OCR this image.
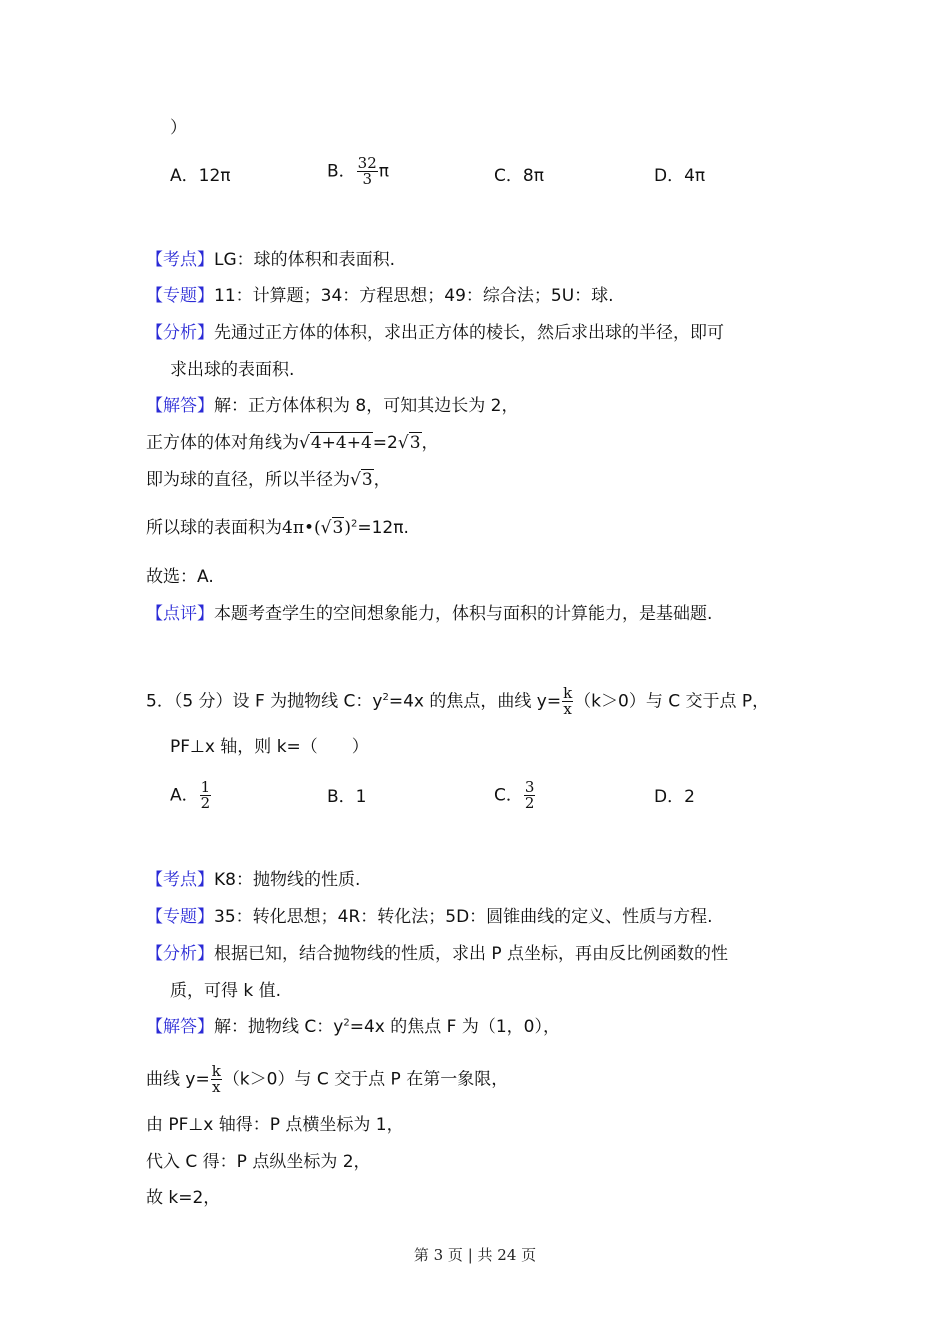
）
A．12π	B． $\frac{32}{3}$ π	C．8π	D．4π
【考点】LG：球的体积和表面积.
【专题】11：计算题；34：方程思想；49：综合法；5U：球.
【分析】先通过正方体的体积，求出正方体的棱长，然后求出球的半径，即可
求出球的表面积.
【解答】解：正方体体积为 8，可知其边长为 2，
正方体的体对角线为√4+4+4=2√3，
即为球的直径，所以半径为√3，
所以球的表面积为$4\pi•(√3)^2=12\pi$.
故选：A.
【点评】本题考查学生的空间想象能力，体积与面积的计算能力，是基础题.
5．（5 分）设 F 为抛物线 C：$y^2=4x$ 的焦点，曲线 $y= \frac{k}{x} (k>0)$与 C 交于点 P，
PF⊥x 轴，则 k=（　　）
A． $\frac{1}{2}$	B．1	C． $\frac{3}{2}$	D．2
【考点】K8：抛物线的性质.
【专题】35：转化思想；4R：转化法；5D：圆锥曲线的定义、性质与方程.
【分析】根据已知，结合抛物线的性质，求出 P 点坐标，再由反比例函数的性
质，可得 k 值.
【解答】解：抛物线 C：$y^2=4x$ 的焦点 F 为（1，0），
曲线 $y= \frac{k}{x} (k>0)$与 C 交于点 P 在第一象限，
由 PF⊥x 轴得：P 点横坐标为 1，
代入 C 得：P 点纵坐标为 2，
故 k=2，
第 3 页 | 共 24 页
